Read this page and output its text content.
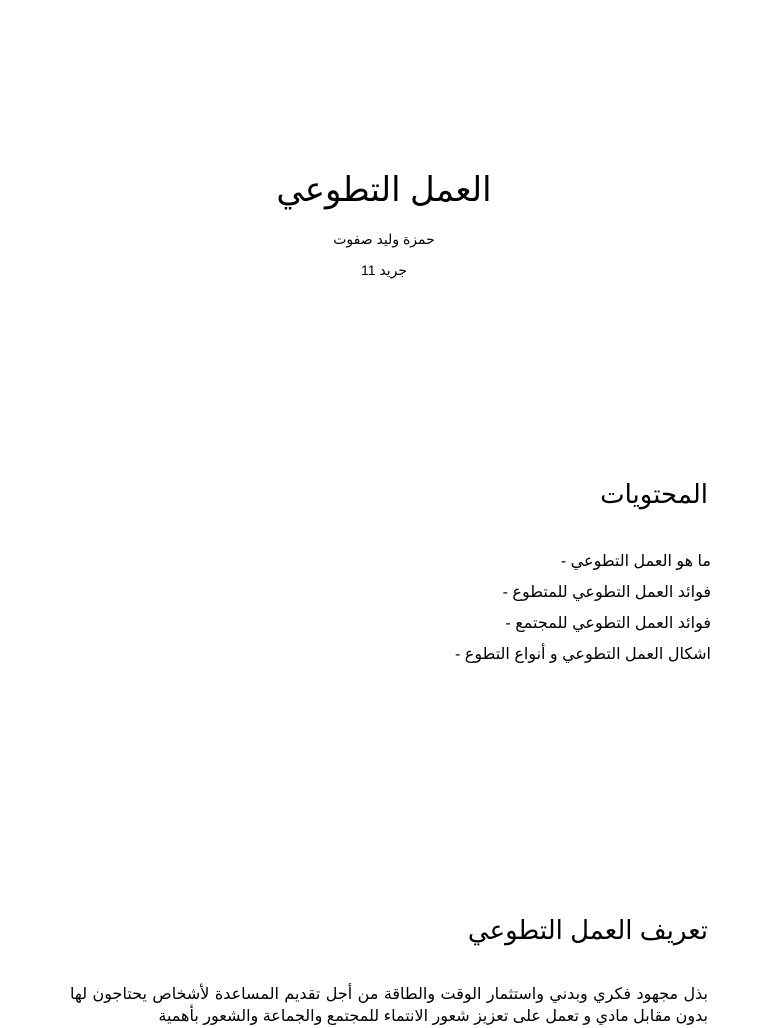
العمل التطوعي
حمزة وليد صفوت
جريد 11
المحتويات
ما هو العمل التطوعي -
فوائد العمل التطوعي للمتطوع -
فوائد العمل التطوعي للمجتمع -
اشكال العمل التطوعي و أنواع التطوع -
تعريف العمل التطوعي

بذل مجهود فكري وبدني واستثمار الوقت والطاقة من أجل تقديم المساعدة لأشخاص يحتاجون لها بدون مقابل مادي و تعمل على تعزيز شعور الانتماء للمجتمع والجماعة والشعور بأهمية
